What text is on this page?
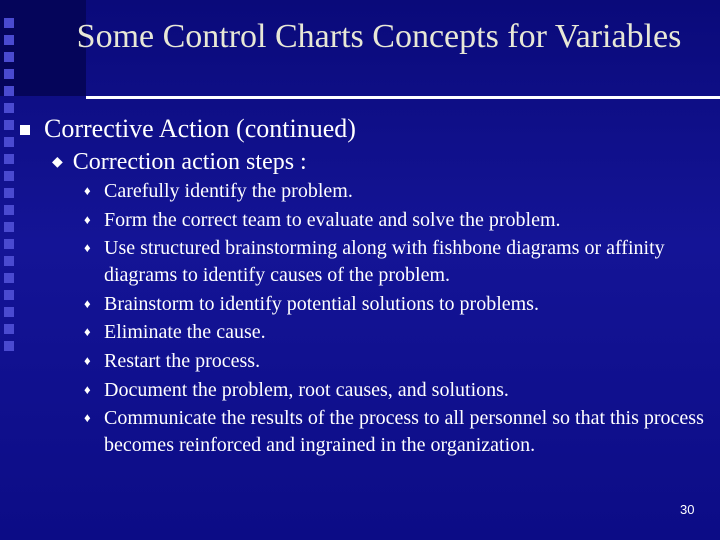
Some Control Charts Concepts for Variables
Corrective Action (continued)
◆ Correction action steps :
♦ Carefully identify the problem.
♦ Form the correct team to evaluate and solve the problem.
♦ Use structured brainstorming along with fishbone diagrams or affinity diagrams to identify causes of the problem.
♦ Brainstorm to identify potential solutions to problems.
♦ Eliminate the cause.
♦ Restart the process.
♦ Document the problem, root causes, and solutions.
♦ Communicate the results of the process to all personnel so that this process becomes reinforced and ingrained in the organization.
30
